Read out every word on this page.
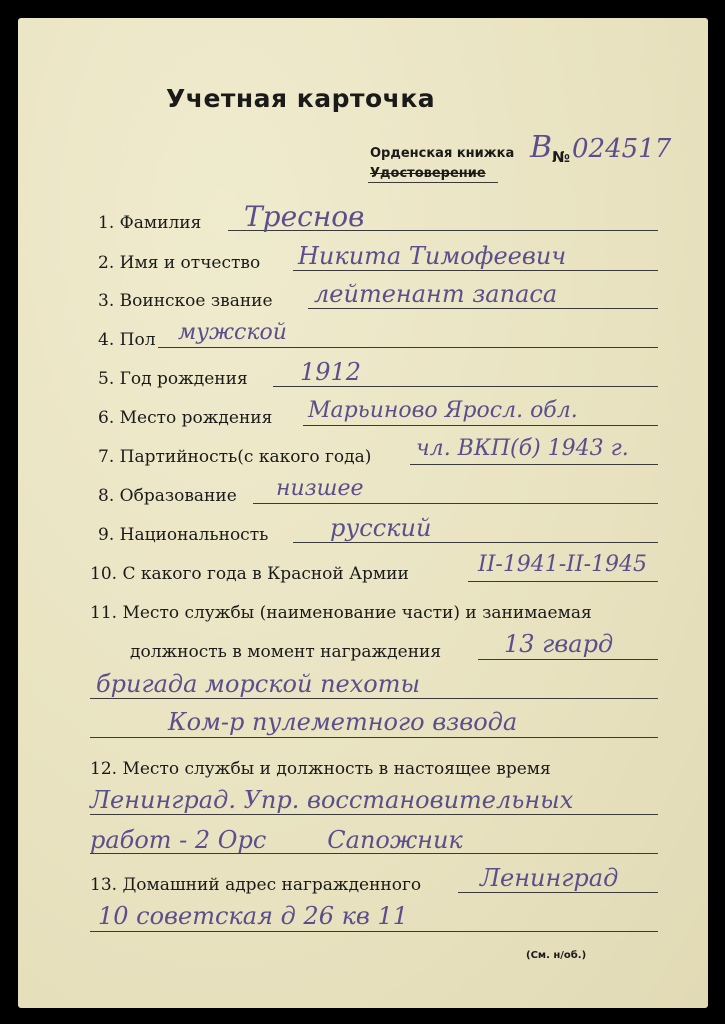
Учетная карточка
Орденская книжка
Удостоверение
В № 024517
1. Фамилия Треснов
2. Имя и отчество Никита Тимофеевич
3. Воинское звание лейтенант запаса
4. Пол мужской
5. Год рождения 1912
6. Место рождения Марьиново Яросл. обл.
7. Партийность(с какого года) чл. ВКП(б) 1943 г.
8. Образование низшее
9. Национальность	русский
10. С какого года в Красной Армии	II-1941-II-1945
11. Место службы (наименование части) и занимаемая
должность в момент награждения	13 гвард
бригада морской пехоты
Ком-р пулеметного взвода
12. Место службы и должность в настоящее время
Ленинград. Упр. восстановительных
работ - 2 Орс        Сапожник
13. Домашний адрес награжденного Ленинград
10 советская д 26 кв 11
(См. н/об.)
